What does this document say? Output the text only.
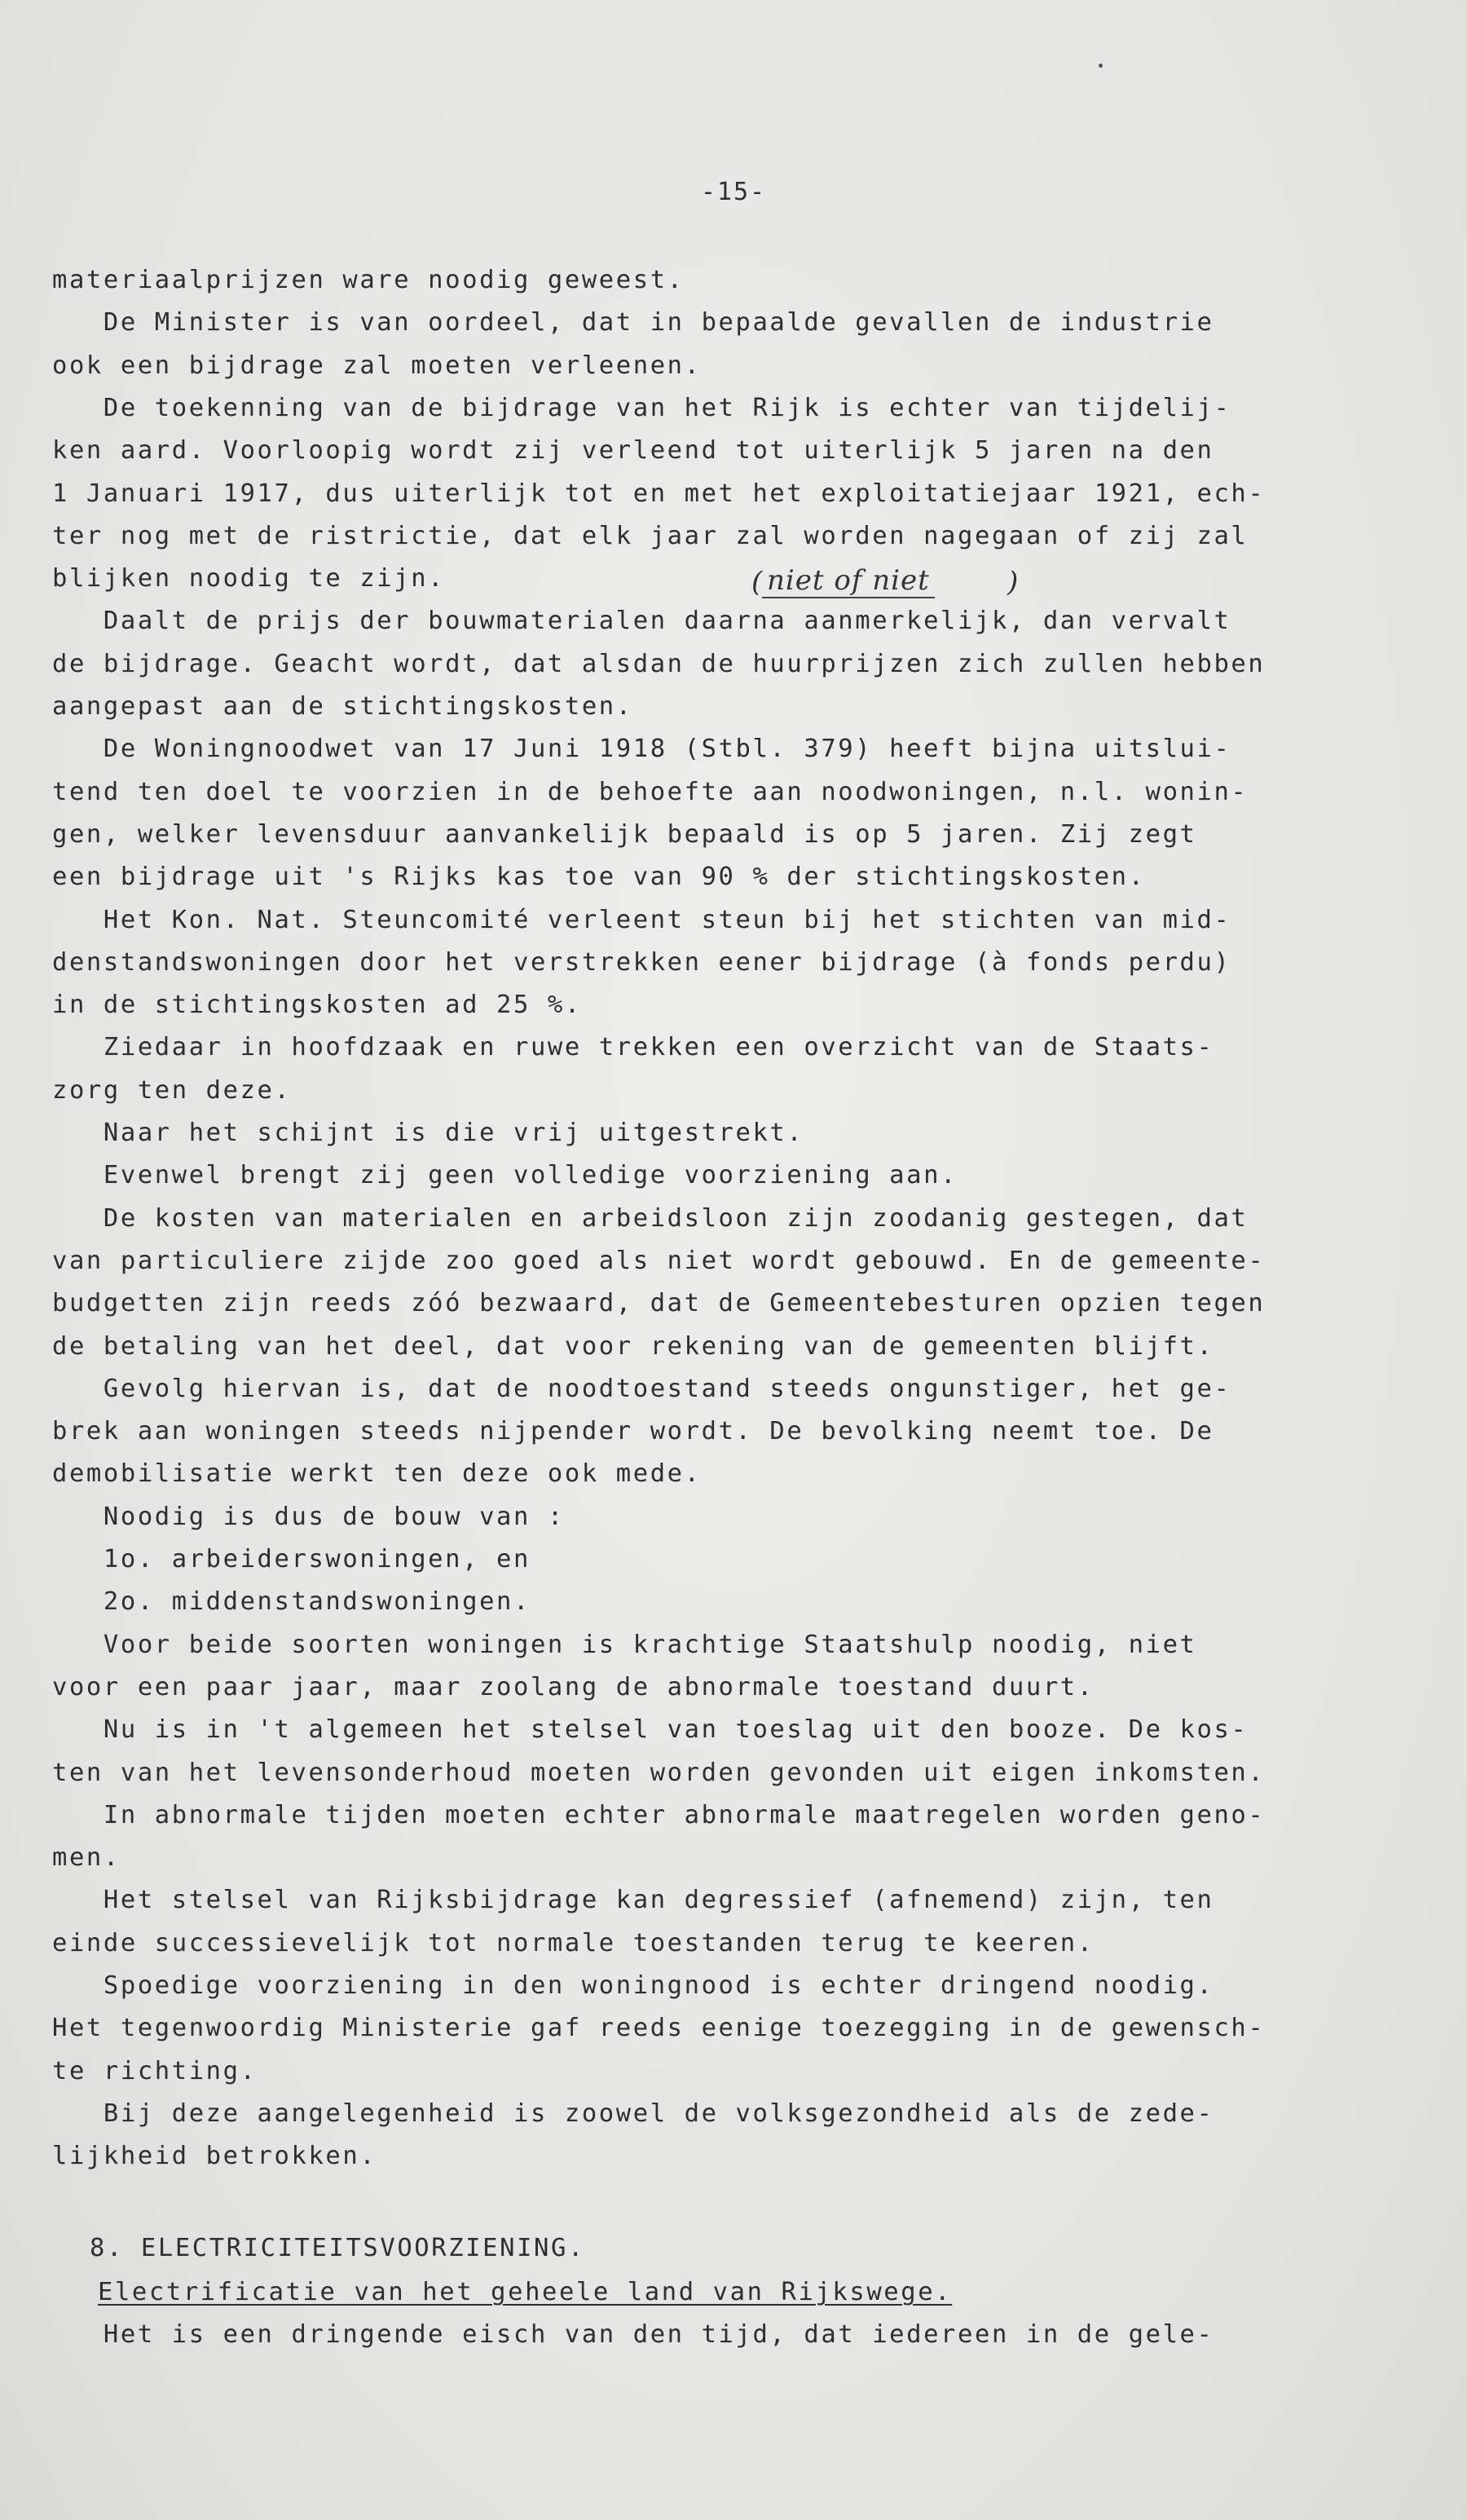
-15-
materiaalprijzen ware noodig geweest.
De Minister is van oordeel, dat in bepaalde gevallen de industrie
ook een bijdrage zal moeten verleenen.
De toekenning van de bijdrage van het Rijk is echter van tijdelij-
ken aard. Voorloopig wordt zij verleend tot uiterlijk 5 jaren na den
1 Januari 1917, dus uiterlijk tot en met het exploitatiejaar 1921, ech-
ter nog met de ristrictie, dat elk jaar zal worden nagegaan of zij zal
blijken noodig te zijn.
Daalt de prijs der bouwmaterialen daarna aanmerkelijk, dan vervalt
de bijdrage. Geacht wordt, dat alsdan de huurprijzen zich zullen hebben
aangepast aan de stichtingskosten.
De Woningnoodwet van 17 Juni 1918 (Stbl. 379) heeft bijna uitslui-
tend ten doel te voorzien in de behoefte aan noodwoningen, n.l. wonin-
gen, welker levensduur aanvankelijk bepaald is op 5 jaren. Zij zegt
een bijdrage uit 's Rijks kas toe van 90 % der stichtingskosten.
Het Kon. Nat. Steuncomité verleent steun bij het stichten van mid-
denstandswoningen door het verstrekken eener bijdrage (à fonds perdu)
in de stichtingskosten ad 25 %.
Ziedaar in hoofdzaak en ruwe trekken een overzicht van de Staats-
zorg ten deze.
Naar het schijnt is die vrij uitgestrekt.
Evenwel brengt zij geen volledige voorziening aan.
De kosten van materialen en arbeidsloon zijn zoodanig gestegen, dat
van particuliere zijde zoo goed als niet wordt gebouwd. En de gemeente-
budgetten zijn reeds zóó bezwaard, dat de Gemeentebesturen opzien tegen
de betaling van het deel, dat voor rekening van de gemeenten blijft.
Gevolg hiervan is, dat de noodtoestand steeds ongunstiger, het ge-
brek aan woningen steeds nijpender wordt. De bevolking neemt toe. De
demobilisatie werkt ten deze ook mede.
Noodig is dus de bouw van :
1o. arbeiderswoningen, en
2o. middenstandswoningen.
Voor beide soorten woningen is krachtige Staatshulp noodig, niet
voor een paar jaar, maar zoolang de abnormale toestand duurt.
Nu is in 't algemeen het stelsel van toeslag uit den booze. De kos-
ten van het levensonderhoud moeten worden gevonden uit eigen inkomsten.
In abnormale tijden moeten echter abnormale maatregelen worden geno-
men.
Het stelsel van Rijksbijdrage kan degressief (afnemend) zijn, ten
einde successievelijk tot normale toestanden terug te keeren.
Spoedige voorziening in den woningnood is echter dringend noodig.
Het tegenwoordig Ministerie gaf reeds eenige toezegging in de gewensch-
te richting.
Bij deze aangelegenheid is zoowel de volksgezondheid als de zede-
lijkheid betrokken.
( niet of niet	)
8. ELECTRICITEITSVOORZIENING.
Electrificatie van het geheele land van Rijkswege.
Het is een dringende eisch van den tijd, dat iedereen in de gele-
